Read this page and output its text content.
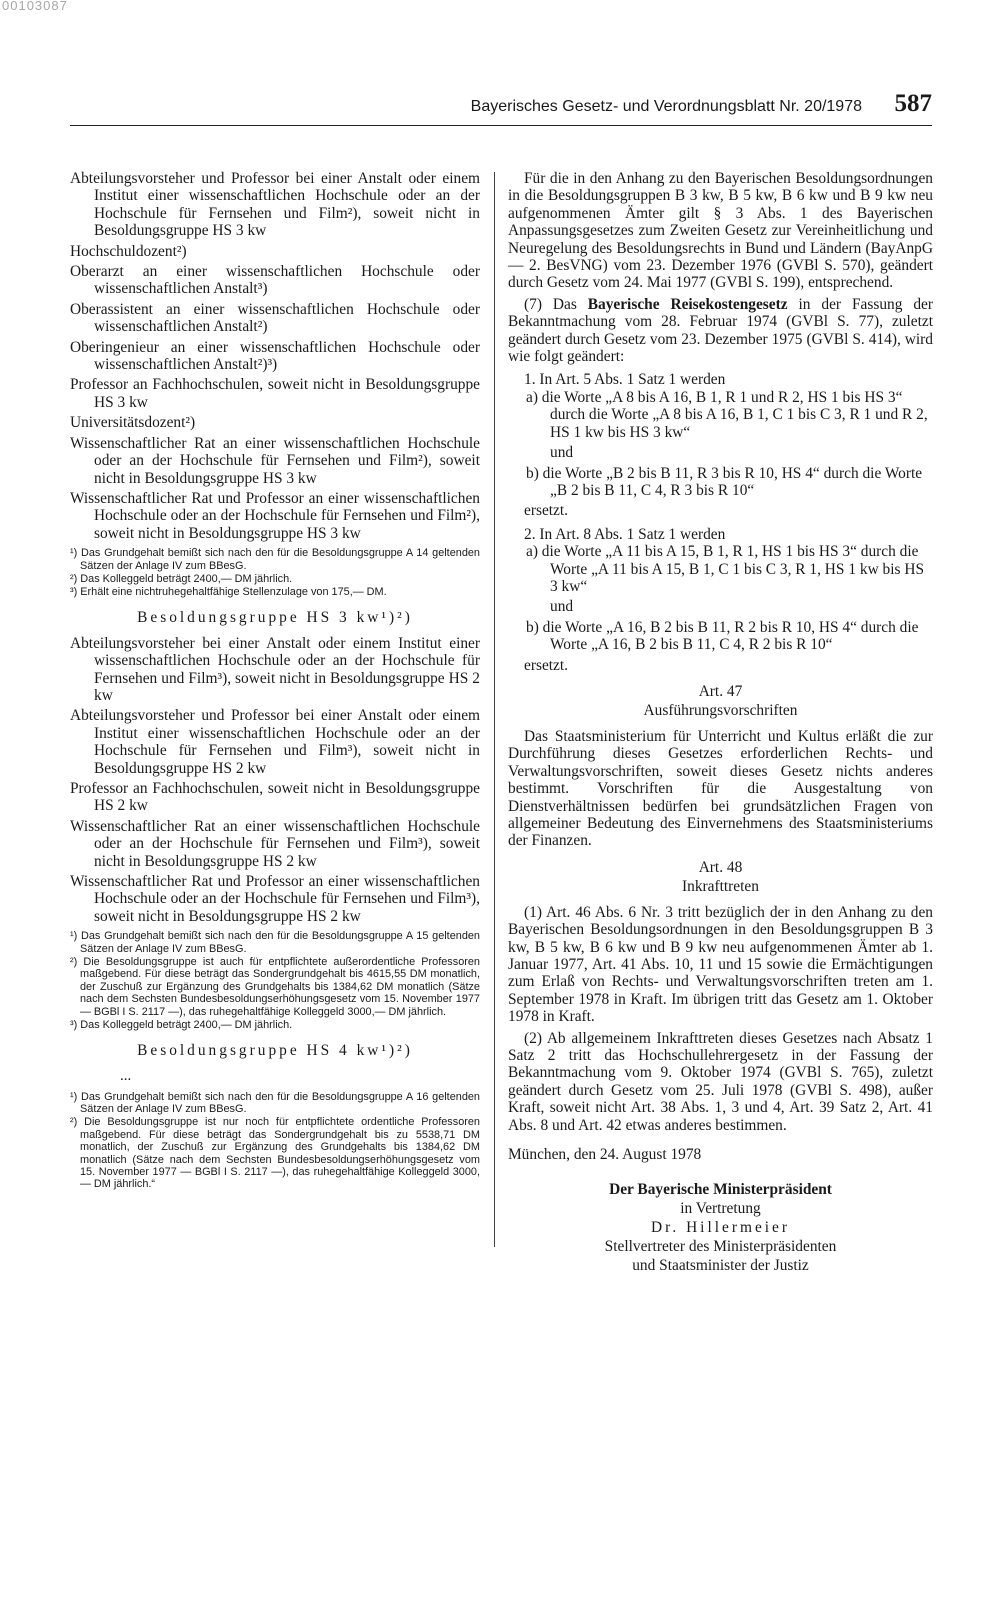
00103087
Bayerisches Gesetz- und Verordnungsblatt Nr. 20/1978 587

Abteilungsvorsteher und Professor bei einer Anstalt oder einem Institut einer wissenschaftlichen Hochschule oder an der Hochschule für Fernsehen und Film²), soweit nicht in Besoldungsgruppe HS 3 kw

Hochschuldozent²)

Oberarzt an einer wissenschaftlichen Hochschule oder wissenschaftlichen Anstalt³)

Oberassistent an einer wissenschaftlichen Hochschule oder wissenschaftlichen Anstalt²)

Oberingenieur an einer wissenschaftlichen Hochschule oder wissenschaftlichen Anstalt²)³)

Professor an Fachhochschulen, soweit nicht in Besoldungsgruppe HS 3 kw

Universitätsdozent²)

Wissenschaftlicher Rat an einer wissenschaftlichen Hochschule oder an der Hochschule für Fernsehen und Film²), soweit nicht in Besoldungsgruppe HS 3 kw

Wissenschaftlicher Rat und Professor an einer wissenschaftlichen Hochschule oder an der Hochschule für Fernsehen und Film²), soweit nicht in Besoldungsgruppe HS 3 kw

¹) Das Grundgehalt bemißt sich nach den für die Besoldungsgruppe A 14 geltenden Sätzen der Anlage IV zum BBesG.

²) Das Kolleggeld beträgt 2400,— DM jährlich.

³) Erhält eine nichtruhegehaltfähige Stellenzulage von 175,— DM.

Besoldungsgruppe HS 3 kw¹)²)

Abteilungsvorsteher bei einer Anstalt oder einem Institut einer wissenschaftlichen Hochschule oder an der Hochschule für Fernsehen und Film³), soweit nicht in Besoldungsgruppe HS 2 kw

Abteilungsvorsteher und Professor bei einer Anstalt oder einem Institut einer wissenschaftlichen Hochschule oder an der Hochschule für Fernsehen und Film³), soweit nicht in Besoldungsgruppe HS 2 kw

Professor an Fachhochschulen, soweit nicht in Besoldungsgruppe HS 2 kw

Wissenschaftlicher Rat an einer wissenschaftlichen Hochschule oder an der Hochschule für Fernsehen und Film³), soweit nicht in Besoldungsgruppe HS 2 kw

Wissenschaftlicher Rat und Professor an einer wissenschaftlichen Hochschule oder an der Hochschule für Fernsehen und Film³), soweit nicht in Besoldungsgruppe HS 2 kw

¹) Das Grundgehalt bemißt sich nach den für die Besoldungsgruppe A 15 geltenden Sätzen der Anlage IV zum BBesG.

²) Die Besoldungsgruppe ist auch für entpflichtete außerordentliche Professoren maßgebend. Für diese beträgt das Sondergrundgehalt bis 4615,55 DM monatlich, der Zuschuß zur Ergänzung des Grundgehalts bis 1384,62 DM monatlich (Sätze nach dem Sechsten Bundesbesoldungserhöhungsgesetz vom 15. November 1977 — BGBl I S. 2117 —), das ruhegehaltfähige Kolleggeld 3000,— DM jährlich.

³) Das Kolleggeld beträgt 2400,— DM jährlich.

Besoldungsgruppe HS 4 kw¹)²)

...

¹) Das Grundgehalt bemißt sich nach den für die Besoldungsgruppe A 16 geltenden Sätzen der Anlage IV zum BBesG.

²) Die Besoldungsgruppe ist nur noch für entpflichtete ordentliche Professoren maßgebend. Für diese beträgt das Sondergrundgehalt bis zu 5538,71 DM monatlich, der Zuschuß zur Ergänzung des Grundgehalts bis 1384,62 DM monatlich (Sätze nach dem Sechsten Bundesbesoldungserhöhungsgesetz vom 15. November 1977 — BGBl I S. 2117 —), das ruhegehaltfähige Kolleggeld 3000,— DM jährlich.“

Für die in den Anhang zu den Bayerischen Besoldungsordnungen in die Besoldungsgruppen B 3 kw, B 5 kw, B 6 kw und B 9 kw neu aufgenommenen Ämter gilt § 3 Abs. 1 des Bayerischen Anpassungsgesetzes zum Zweiten Gesetz zur Vereinheitlichung und Neuregelung des Besoldungsrechts in Bund und Ländern (BayAnpG — 2. BesVNG) vom 23. Dezember 1976 (GVBl S. 570), geändert durch Gesetz vom 24. Mai 1977 (GVBl S. 199), entsprechend.

(7) Das Bayerische Reisekostengesetz in der Fassung der Bekanntmachung vom 28. Februar 1974 (GVBl S. 77), zuletzt geändert durch Gesetz vom 23. Dezember 1975 (GVBl S. 414), wird wie folgt geändert:

1. In Art. 5 Abs. 1 Satz 1 werden

a) die Worte „A 8 bis A 16, B 1, R 1 und R 2, HS 1 bis HS 3“ durch die Worte „A 8 bis A 16, B 1, C 1 bis C 3, R 1 und R 2, HS 1 kw bis HS 3 kw“

und

b) die Worte „B 2 bis B 11, R 3 bis R 10, HS 4“ durch die Worte „B 2 bis B 11, C 4, R 3 bis R 10“

ersetzt.

2. In Art. 8 Abs. 1 Satz 1 werden

a) die Worte „A 11 bis A 15, B 1, R 1, HS 1 bis HS 3“ durch die Worte „A 11 bis A 15, B 1, C 1 bis C 3, R 1, HS 1 kw bis HS 3 kw“

und

b) die Worte „A 16, B 2 bis B 11, R 2 bis R 10, HS 4“ durch die Worte „A 16, B 2 bis B 11, C 4, R 2 bis R 10“

ersetzt.

Art. 47

Ausführungsvorschriften

Das Staatsministerium für Unterricht und Kultus erläßt die zur Durchführung dieses Gesetzes erforderlichen Rechts- und Verwaltungsvorschriften, soweit dieses Gesetz nichts anderes bestimmt. Vorschriften für die Ausgestaltung von Dienstverhältnissen bedürfen bei grundsätzlichen Fragen von allgemeiner Bedeutung des Einvernehmens des Staatsministeriums der Finanzen.

Art. 48

Inkrafttreten

(1) Art. 46 Abs. 6 Nr. 3 tritt bezüglich der in den Anhang zu den Bayerischen Besoldungsordnungen in den Besoldungsgruppen B 3 kw, B 5 kw, B 6 kw und B 9 kw neu aufgenommenen Ämter ab 1. Januar 1977, Art. 41 Abs. 10, 11 und 15 sowie die Ermächtigungen zum Erlaß von Rechts- und Verwaltungsvorschriften treten am 1. September 1978 in Kraft. Im übrigen tritt das Gesetz am 1. Oktober 1978 in Kraft.

(2) Ab allgemeinem Inkrafttreten dieses Gesetzes nach Absatz 1 Satz 2 tritt das Hochschullehrergesetz in der Fassung der Bekanntmachung vom 9. Oktober 1974 (GVBl S. 765), zuletzt geändert durch Gesetz vom 25. Juli 1978 (GVBl S. 498), außer Kraft, soweit nicht Art. 38 Abs. 1, 3 und 4, Art. 39 Satz 2, Art. 41 Abs. 8 und Art. 42 etwas anderes bestimmen.

München, den 24. August 1978

Der Bayerische Ministerpräsident

in Vertretung

Dr. Hillermeier

Stellvertreter des Ministerpräsidenten

und Staatsminister der Justiz
